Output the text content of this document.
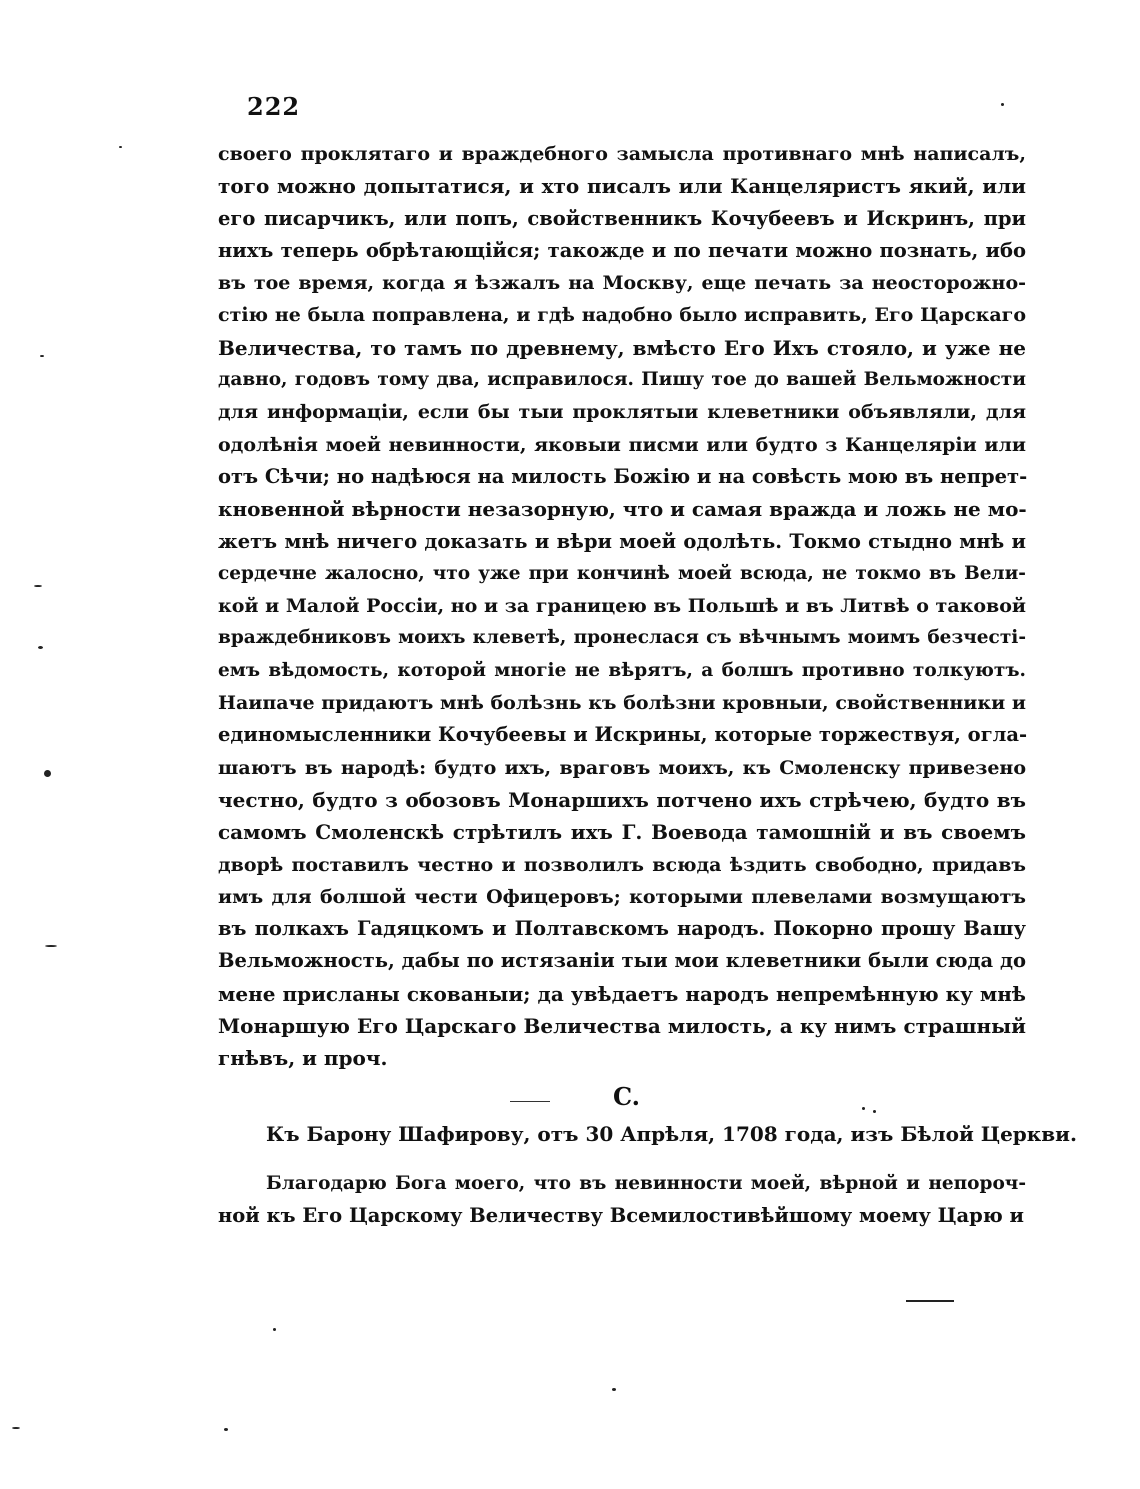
222
своего проклятаго и враждебного замысла противнаго мнѣ написалъ,
того можно допытатися, и хто писалъ или Канцеляристъ який, или
его писарчикъ, или попъ, свойственникъ Кочубеевъ и Искринъ, при
нихъ теперь обрѣтающійся; такожде и по печати можно познать, ибо
въ тое время, когда я ѣзжалъ на Москву, еще печать за неосторожно-
стію не была поправлена, и гдѣ надобно было исправить, Его Царскаго
Величества, то тамъ по древнему, вмѣсто Его Ихъ стояло, и уже не
давно, годовъ тому два, исправилося. Пишу тое до вашей Вельможности
для информаціи, если бы тыи проклятыи клеветники объявляли, для
одолѣнія моей невинности, яковыи писми или будто з Канцеляріи или
отъ Сѣчи; но надѣюся на милость Божію и на совѣсть мою въ непрет-
кновенной вѣрности незазорную, что и самая вражда и ложь не мо-
жетъ мнѣ ничего доказать и вѣри моей одолѣть. Токмо стыдно мнѣ и
сердечне жалосно, что уже при кончинѣ моей всюда, не токмо въ Вели-
кой и Малой Россіи, но и за границею въ Польшѣ и въ Литвѣ о таковой
враждебниковъ моихъ клеветѣ, пронеслася съ вѣчнымъ моимъ безчесті-
емъ вѣдомость, которой многіе не вѣрятъ, а болшъ противно толкуютъ.
Наипаче придаютъ мнѣ болѣзнь къ болѣзни кровныи, свойственники и
единомысленники Кочубеевы и Искрины, которые торжествуя, огла-
шаютъ въ народѣ: будто ихъ, враговъ моихъ, къ Смоленску привезено
честно, будто з обозовъ Монаршихъ потчено ихъ стрѣчею, будто въ
самомъ Смоленскѣ стрѣтилъ ихъ Г. Воевода тамошній и въ своемъ
дворѣ поставилъ честно и позволилъ всюда ѣздить свободно, придавъ
имъ для болшой чести Офицеровъ; которыми плевелами возмущаютъ
въ полкахъ Гадяцкомъ и Полтавскомъ народъ. Покорно прошу Вашу
Вельможность, дабы по истязаніи тыи мои клеветники были сюда до
мене присланы скованыи; да увѣдаетъ народъ непремѣнную ку мнѣ
Монаршую Его Царскаго Величества милость, а ку нимъ страшный
гнѣвъ, и проч.
C.
Къ Барону Шафирову, отъ 30 Апрѣля, 1708 года, изъ Бѣлой Церкви.
Благодарю Бога моего, что въ невинности моей, вѣрной и непороч-
ной къ Его Царскому Величеству Всемилостивѣйшому моему Царю и
